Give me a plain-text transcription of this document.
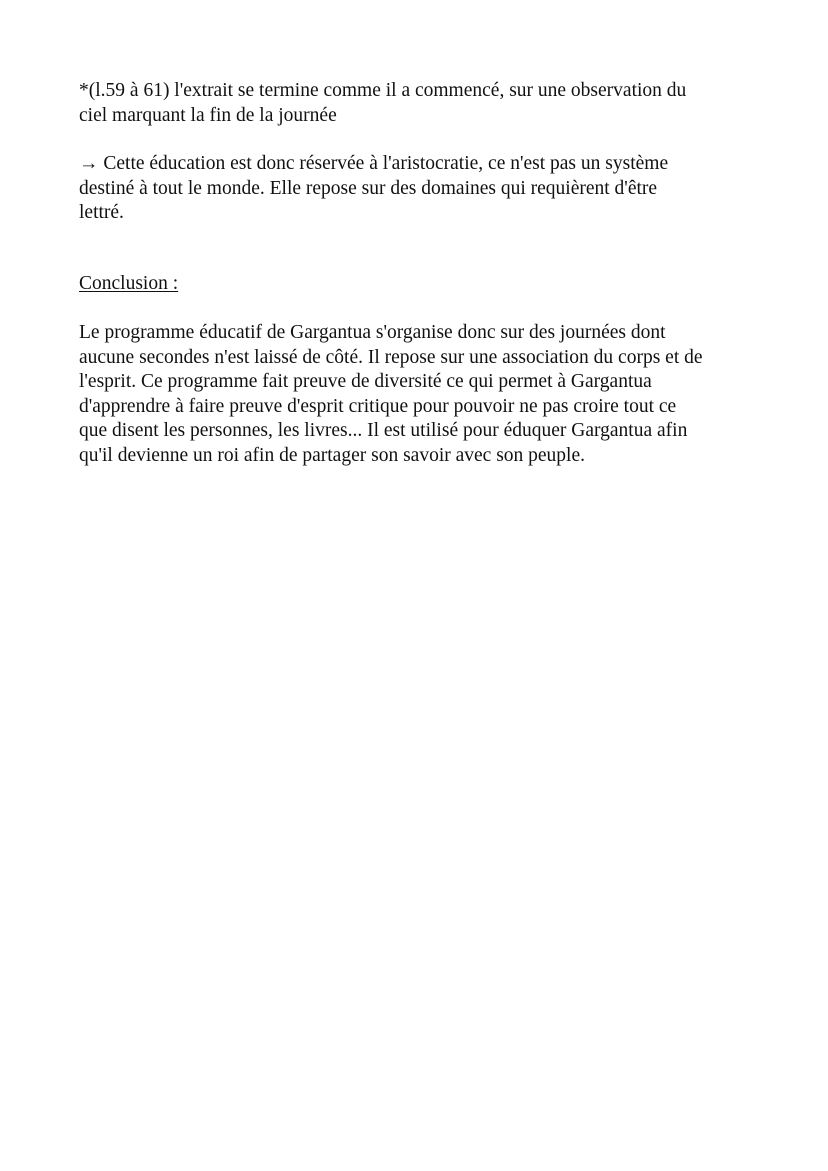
*(l.59 à 61) l'extrait se termine comme il a commencé, sur une observation du
ciel marquant la fin de la journée
→ Cette éducation est donc réservée à l'aristocratie, ce n'est pas un système
destiné à tout le monde. Elle repose sur des domaines qui requièrent d'être
lettré.
Conclusion :
Le programme éducatif de Gargantua s'organise donc sur des journées dont
aucune secondes n'est laissé de côté. Il repose sur une association du corps et de
l'esprit. Ce programme fait preuve de diversité ce qui permet à Gargantua
d'apprendre à faire preuve d'esprit critique pour pouvoir ne pas croire tout ce
que disent les personnes, les livres... Il est utilisé pour éduquer Gargantua afin
qu'il devienne un roi afin de partager son savoir avec son peuple.
